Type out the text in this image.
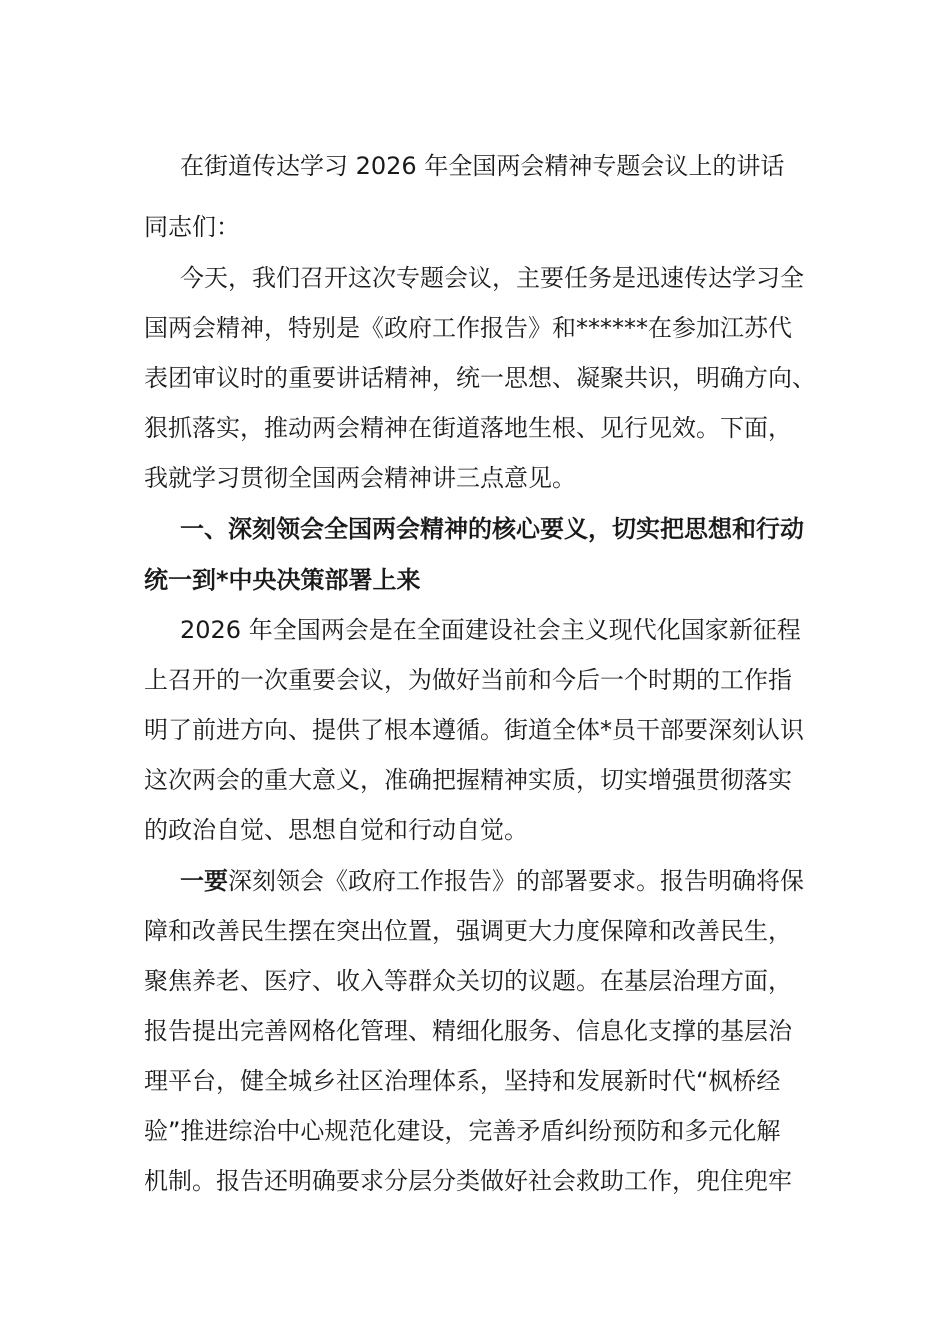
在街道传达学习 2026 年全国两会精神专题会议上的讲话
同志们：
今天，我们召开这次专题会议，主要任务是迅速传达学习全
国两会精神，特别是《政府工作报告》和******在参加江苏代
表团审议时的重要讲话精神，统一思想、凝聚共识，明确方向、
狠抓落实，推动两会精神在街道落地生根、见行见效。下面，
我就学习贯彻全国两会精神讲三点意见。
一、深刻领会全国两会精神的核心要义，切实把思想和行动
统一到*中央决策部署上来
2026 年全国两会是在全面建设社会主义现代化国家新征程
上召开的一次重要会议，为做好当前和今后一个时期的工作指
明了前进方向、提供了根本遵循。街道全体*员干部要深刻认识
这次两会的重大意义，准确把握精神实质，切实增强贯彻落实
的政治自觉、思想自觉和行动自觉。
一要深刻领会《政府工作报告》的部署要求。报告明确将保
障和改善民生摆在突出位置，强调更大力度保障和改善民生，
聚焦养老、医疗、收入等群众关切的议题。在基层治理方面，
报告提出完善网格化管理、精细化服务、信息化支撑的基层治
理平台，健全城乡社区治理体系，坚持和发展新时代“枫桥经
验”推进综治中心规范化建设，完善矛盾纠纷预防和多元化解
机制。报告还明确要求分层分类做好社会救助工作，兜住兜牢
